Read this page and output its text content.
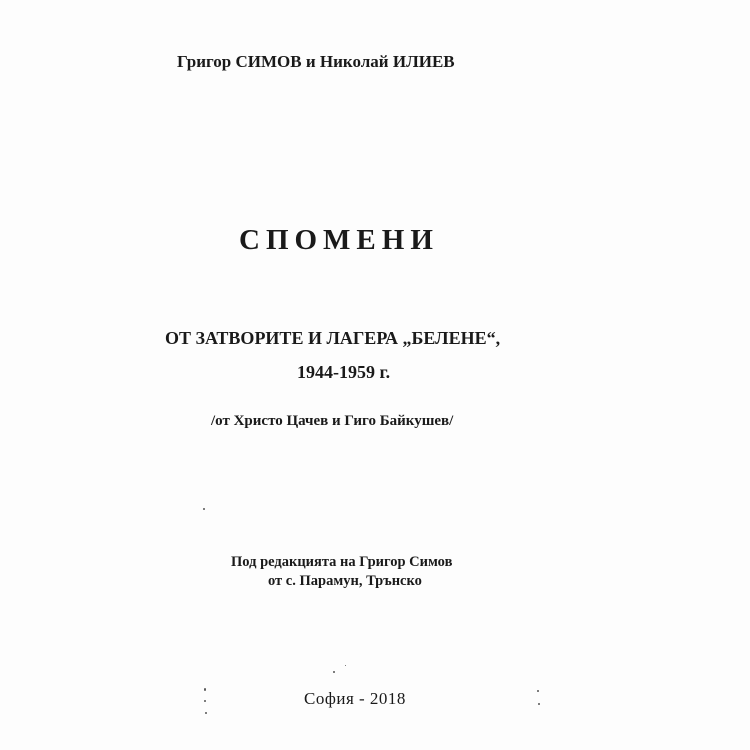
Григор СИМОВ и Николай ИЛИЕВ
СПОМЕНИ
ОТ ЗАТВОРИТЕ И ЛАГЕРА „БЕЛЕНЕ“,
1944-1959 г.
/от Христо Цачев и Гиго Байкушев/
Под редакцията на Григор Симов
от с. Парамун, Трънско
София - 2018
